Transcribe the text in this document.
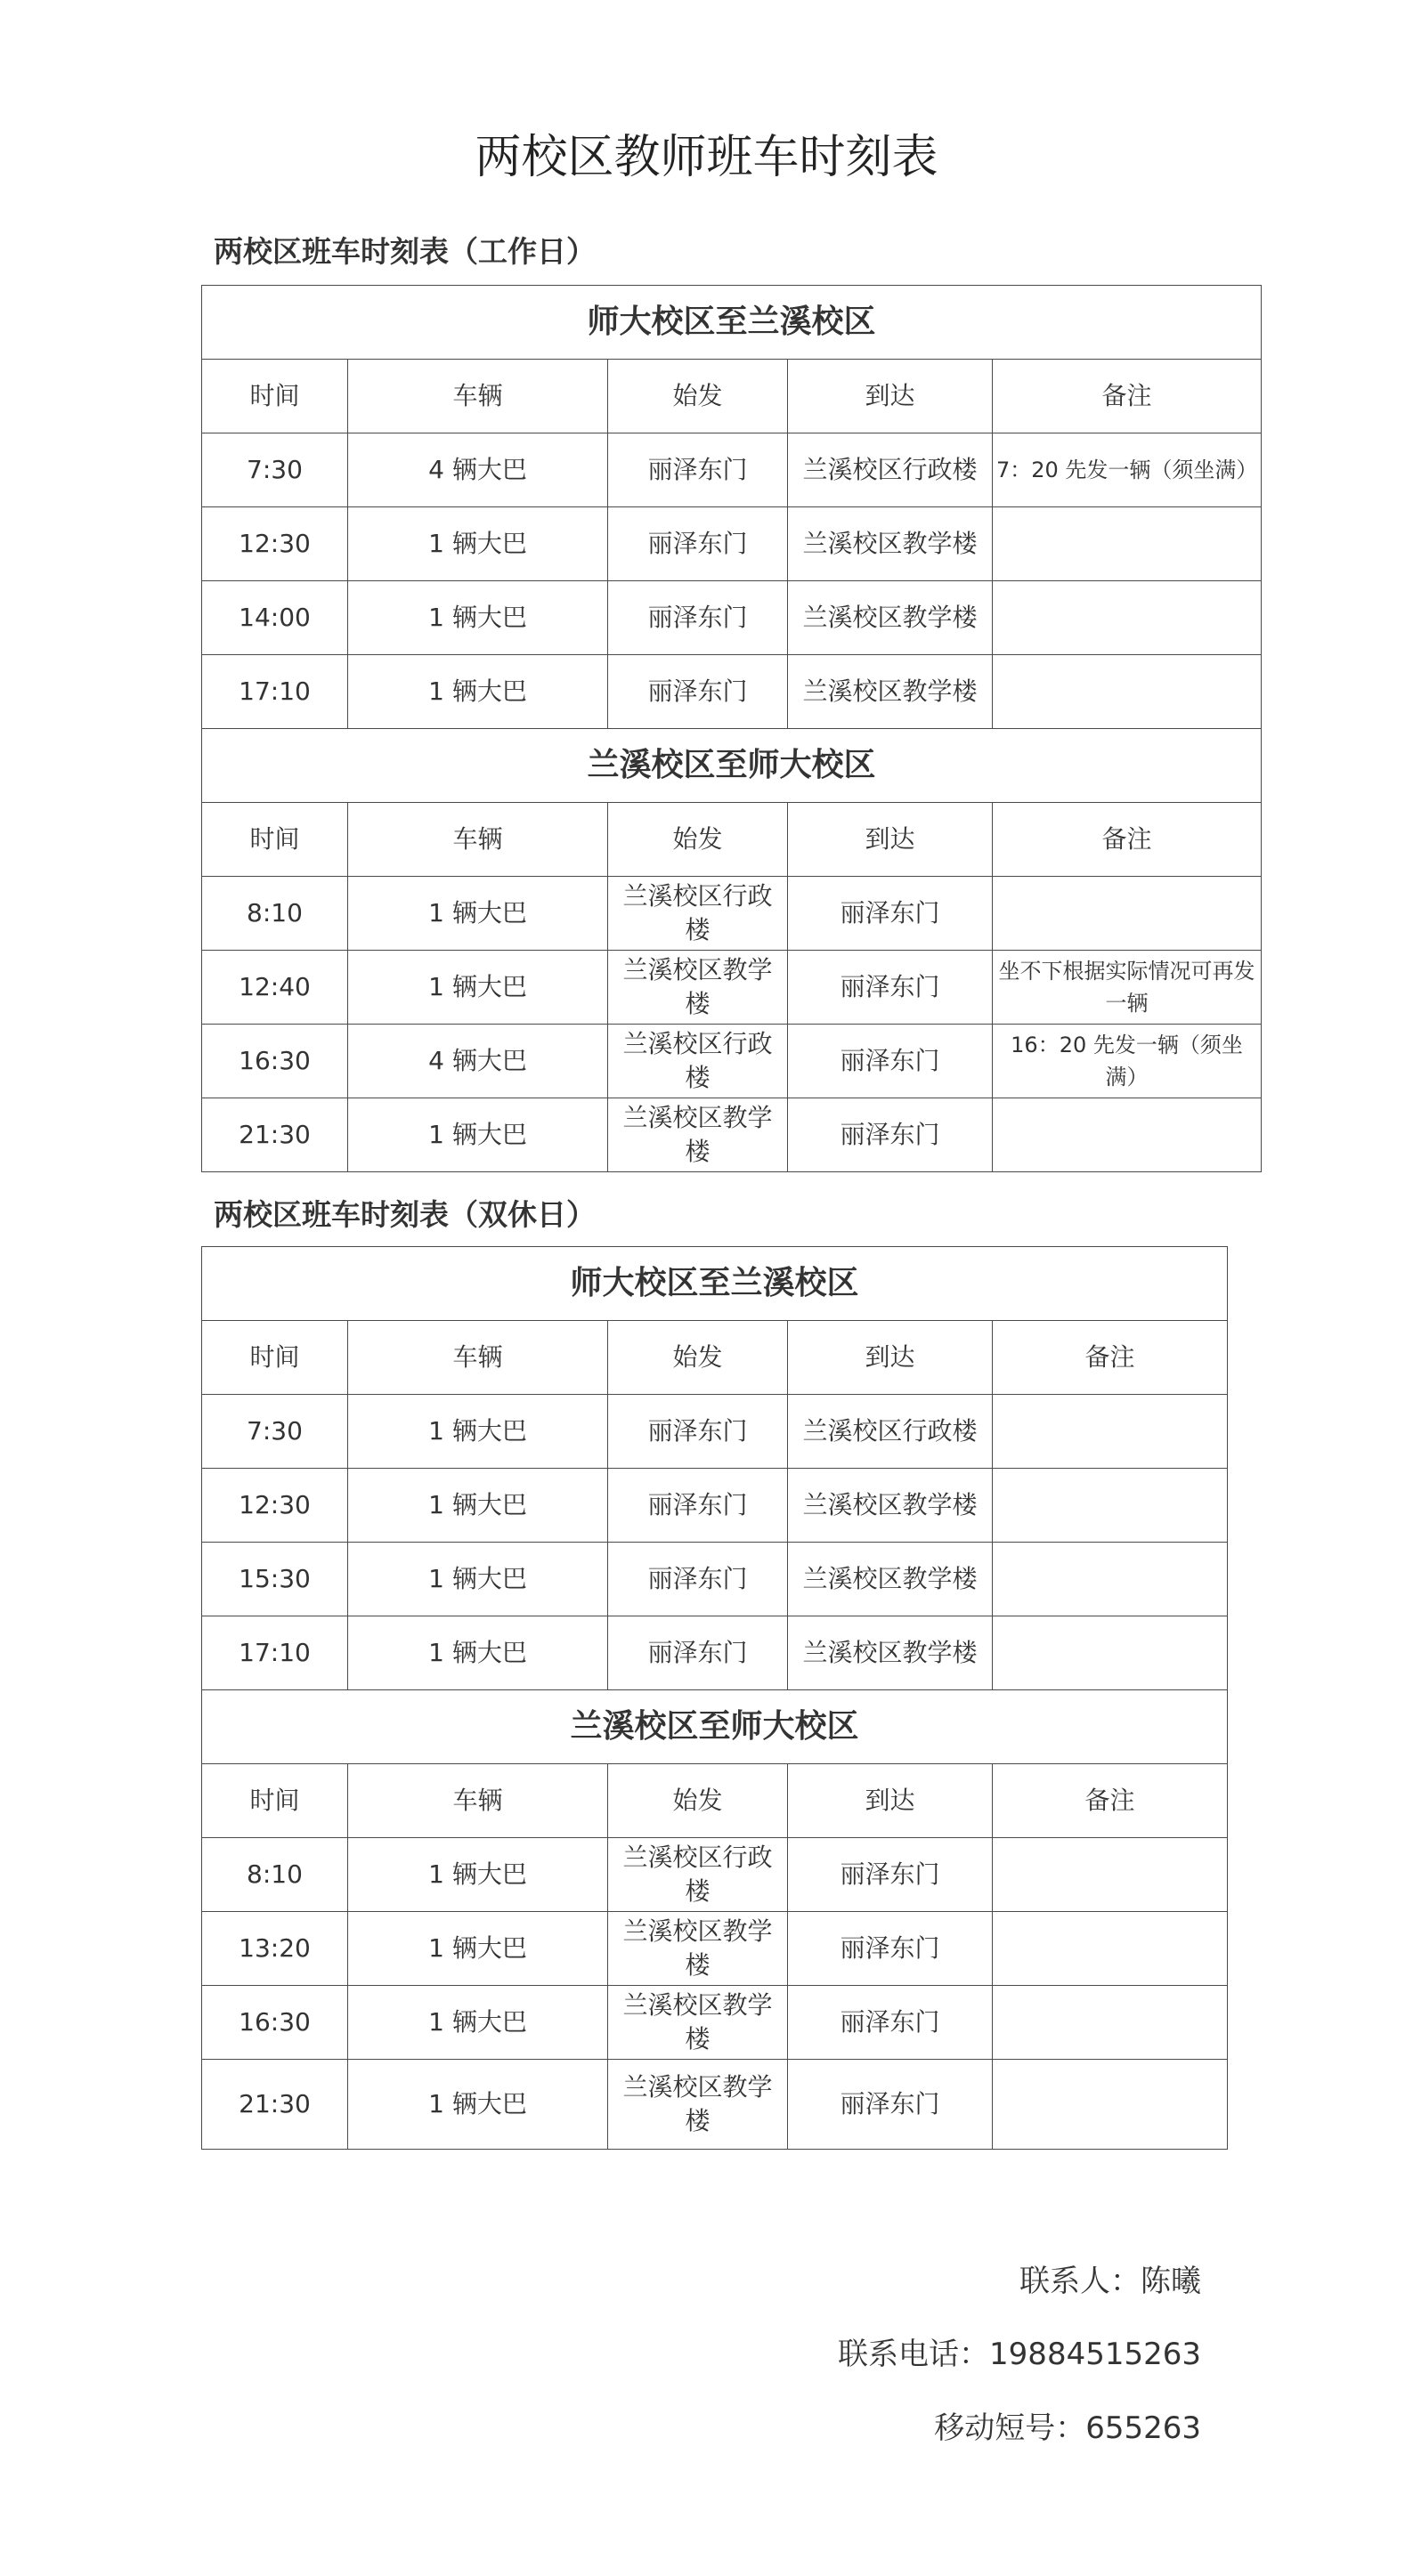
两校区教师班车时刻表
两校区班车时刻表（工作日）
师大校区至兰溪校区				
时间	车辆	始发	到达	备注
7:30	4 辆大巴	丽泽东门	兰溪校区行政楼	7：20 先发一辆（须坐满）
12:30	1 辆大巴	丽泽东门	兰溪校区教学楼	
14:00	1 辆大巴	丽泽东门	兰溪校区教学楼	
17:10	1 辆大巴	丽泽东门	兰溪校区教学楼	
兰溪校区至师大校区				
时间	车辆	始发	到达	备注
8:10	1 辆大巴	兰溪校区行政楼	丽泽东门	
12:40	1 辆大巴	兰溪校区教学楼	丽泽东门	坐不下根据实际情况可再发一辆
16:30	4 辆大巴	兰溪校区行政楼	丽泽东门	16：20 先发一辆（须坐满）
21:30	1 辆大巴	兰溪校区教学楼	丽泽东门	
两校区班车时刻表（双休日）
师大校区至兰溪校区				
时间	车辆	始发	到达	备注
7:30	1 辆大巴	丽泽东门	兰溪校区行政楼	
12:30	1 辆大巴	丽泽东门	兰溪校区教学楼	
15:30	1 辆大巴	丽泽东门	兰溪校区教学楼	
17:10	1 辆大巴	丽泽东门	兰溪校区教学楼	
兰溪校区至师大校区				
时间	车辆	始发	到达	备注
8:10	1 辆大巴	兰溪校区行政楼	丽泽东门	
13:20	1 辆大巴	兰溪校区教学楼	丽泽东门	
16:30	1 辆大巴	兰溪校区教学楼	丽泽东门	
21:30	1 辆大巴	兰溪校区教学楼	丽泽东门	
联系人：陈曦
联系电话：19884515263
移动短号：655263
